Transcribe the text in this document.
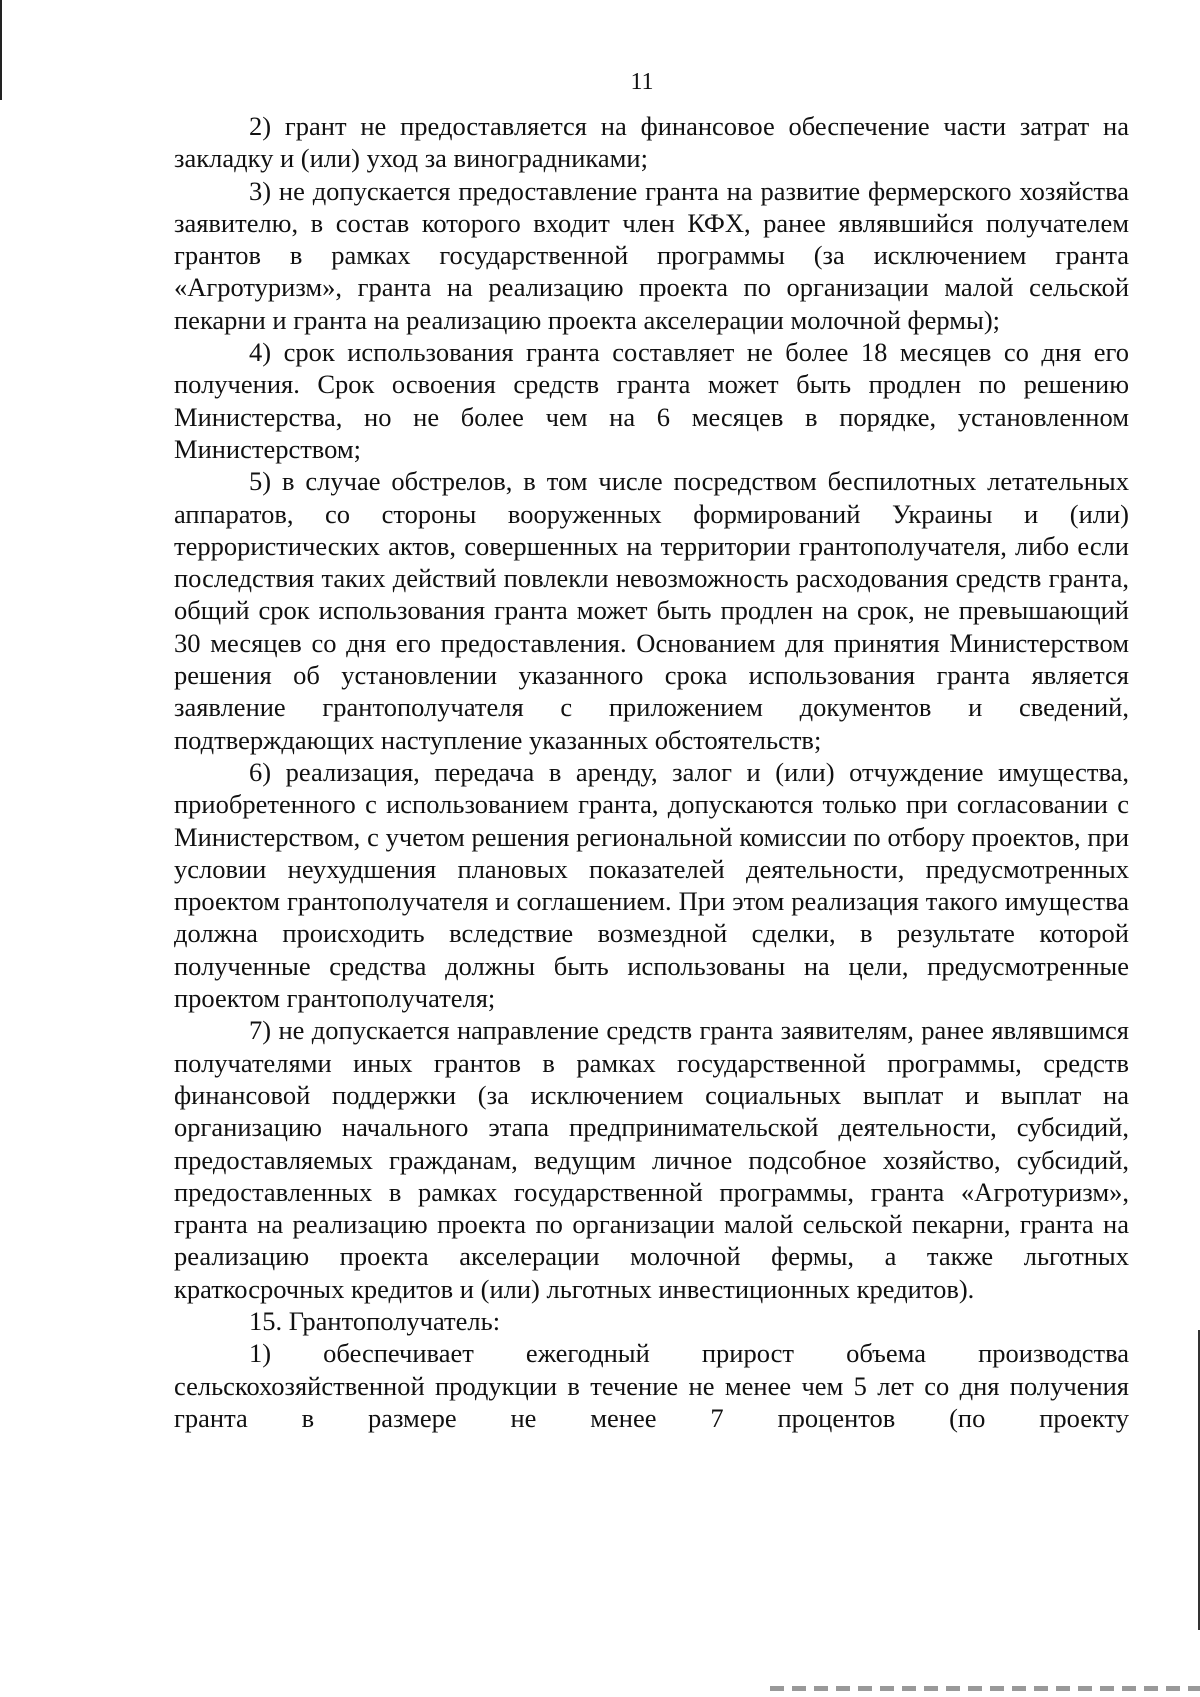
11

2) грант не предоставляется на финансовое обеспечение части затрат на закладку и (или) уход за виноградниками;

3) не допускается предоставление гранта на развитие фермерского хозяйства заявителю, в состав которого входит член КФХ, ранее являвшийся получателем грантов в рамках государственной программы (за исключением гранта «Агротуризм», гранта на реализацию проекта по организации малой сельской пекарни и гранта на реализацию проекта акселерации молочной фермы);

4) срок использования гранта составляет не более 18 месяцев со дня его получения. Срок освоения средств гранта может быть продлен по решению Министерства, но не более чем на 6 месяцев в порядке, установленном Министерством;

5) в случае обстрелов, в том числе посредством беспилотных летательных аппаратов, со стороны вооруженных формирований Украины и (или) террористических актов, совершенных на территории грантополучателя, либо если последствия таких действий повлекли невозможность расходования средств гранта, общий срок использования гранта может быть продлен на срок, не превышающий 30 месяцев со дня его предоставления. Основанием для принятия Министерством решения об установлении указанного срока использования гранта является заявление грантополучателя с приложением документов и сведений, подтверждающих наступление указанных обстоятельств;

6) реализация, передача в аренду, залог и (или) отчуждение имущества, приобретенного с использованием гранта, допускаются только при согласовании с Министерством, с учетом решения региональной комиссии по отбору проектов, при условии неухудшения плановых показателей деятельности, предусмотренных проектом грантополучателя и соглашением. При этом реализация такого имущества должна происходить вследствие возмездной сделки, в результате которой полученные средства должны быть использованы на цели, предусмотренные проектом грантополучателя;

7) не допускается направление средств гранта заявителям, ранее являвшимся получателями иных грантов в рамках государственной программы, средств финансовой поддержки (за исключением социальных выплат и выплат на организацию начального этапа предпринимательской деятельности, субсидий, предоставляемых гражданам, ведущим личное подсобное хозяйство, субсидий, предоставленных в рамках государственной программы, гранта «Агротуризм», гранта на реализацию проекта по организации малой сельской пекарни, гранта на реализацию проекта акселерации молочной фермы, а также льготных краткосрочных кредитов и (или) льготных инвестиционных кредитов).

15. Грантополучатель:

1) обеспечивает ежегодный прирост объема производства сельскохозяйственной продукции в течение не менее чем 5 лет со дня получения гранта в размере не менее 7 процентов (по проекту
